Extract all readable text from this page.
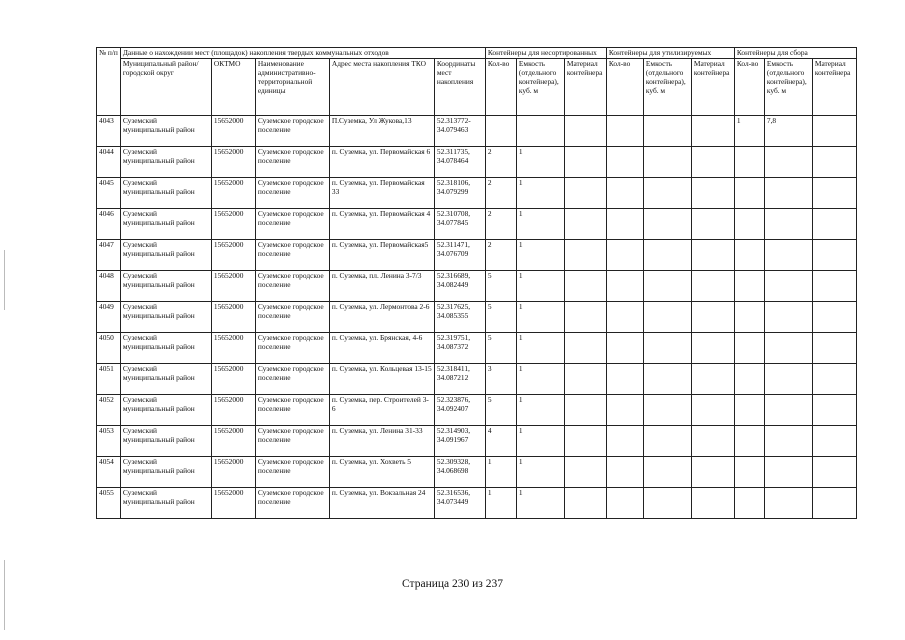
№ п/п	Данные о нахождении мест (площадок) накопления твердых коммунальных отходов					Контейнеры для несортированных			Контейнеры для утилизируемых			Контейнеры для сбора		
	Муниципальный район/городской округ	ОКТМО	Наименование административно-территориальной единицы	Адрес места накопления ТКО	Координаты мест накопления	Кол-во	Емкость (отдельного контейнера), куб. м	Материал контейнера	Кол-во	Емкость (отдельного контейнера), куб. м	Материал контейнера	Кол-во	Емкость (отдельного контейнера), куб. м	Материал контейнера
4043	Суземский муниципальный район	15652000	Суземское городское поселение	П.Суземка, Ул Жукова,13	52.313772-34.079463							1	7,8	
4044	Суземский муниципальный район	15652000	Суземское городское поселение	п. Суземка, ул. Первомайская 6	52.311735, 34.078464	2	1							
4045	Суземский муниципальный район	15652000	Суземское городское поселение	п. Суземка, ул. Первомайская 33	52.318106, 34.079299	2	1							
4046	Суземский муниципальный район	15652000	Суземское городское поселение	п. Суземка, ул. Первомайская 4	52.310708, 34.077845	2	1							
4047	Суземский муниципальный район	15652000	Суземское городское поселение	п. Суземка, ул. Первомайская5	52.311471, 34.076709	2	1							
4048	Суземский муниципальный район	15652000	Суземское городское поселение	п. Суземка, пл. Ленина 3-7/3	52.316689, 34.082449	5	1							
4049	Суземский муниципальный район	15652000	Суземское городское поселение	п. Суземка, ул. Лермонтова 2-6	52.317625, 34.085355	5	1							
4050	Суземский муниципальный район	15652000	Суземское городское поселение	п. Суземка, ул. Брянская, 4-6	52.319751, 34.087372	5	1							
4051	Суземский муниципальный район	15652000	Суземское городское поселение	п. Суземка, ул. Кольцевая 13-15	52.318411, 34.087212	3	1							
4052	Суземский муниципальный район	15652000	Суземское городское поселение	п. Суземка, пер. Строителей 3-6	52.323876, 34.092407	5	1							
4053	Суземский муниципальный район	15652000	Суземское городское поселение	п. Суземка, ул. Ленина 31-33	52.314903, 34.091967	4	1							
4054	Суземский муниципальный район	15652000	Суземское городское поселение	п. Суземка, ул. Хохветь 5	52.309328, 34.068698	1	1							
4055	Суземский муниципальный район	15652000	Суземское городское поселение	п. Суземка, ул. Вокзальная 24	52.316536, 34.073449	1	1							
Страница 230 из 237
